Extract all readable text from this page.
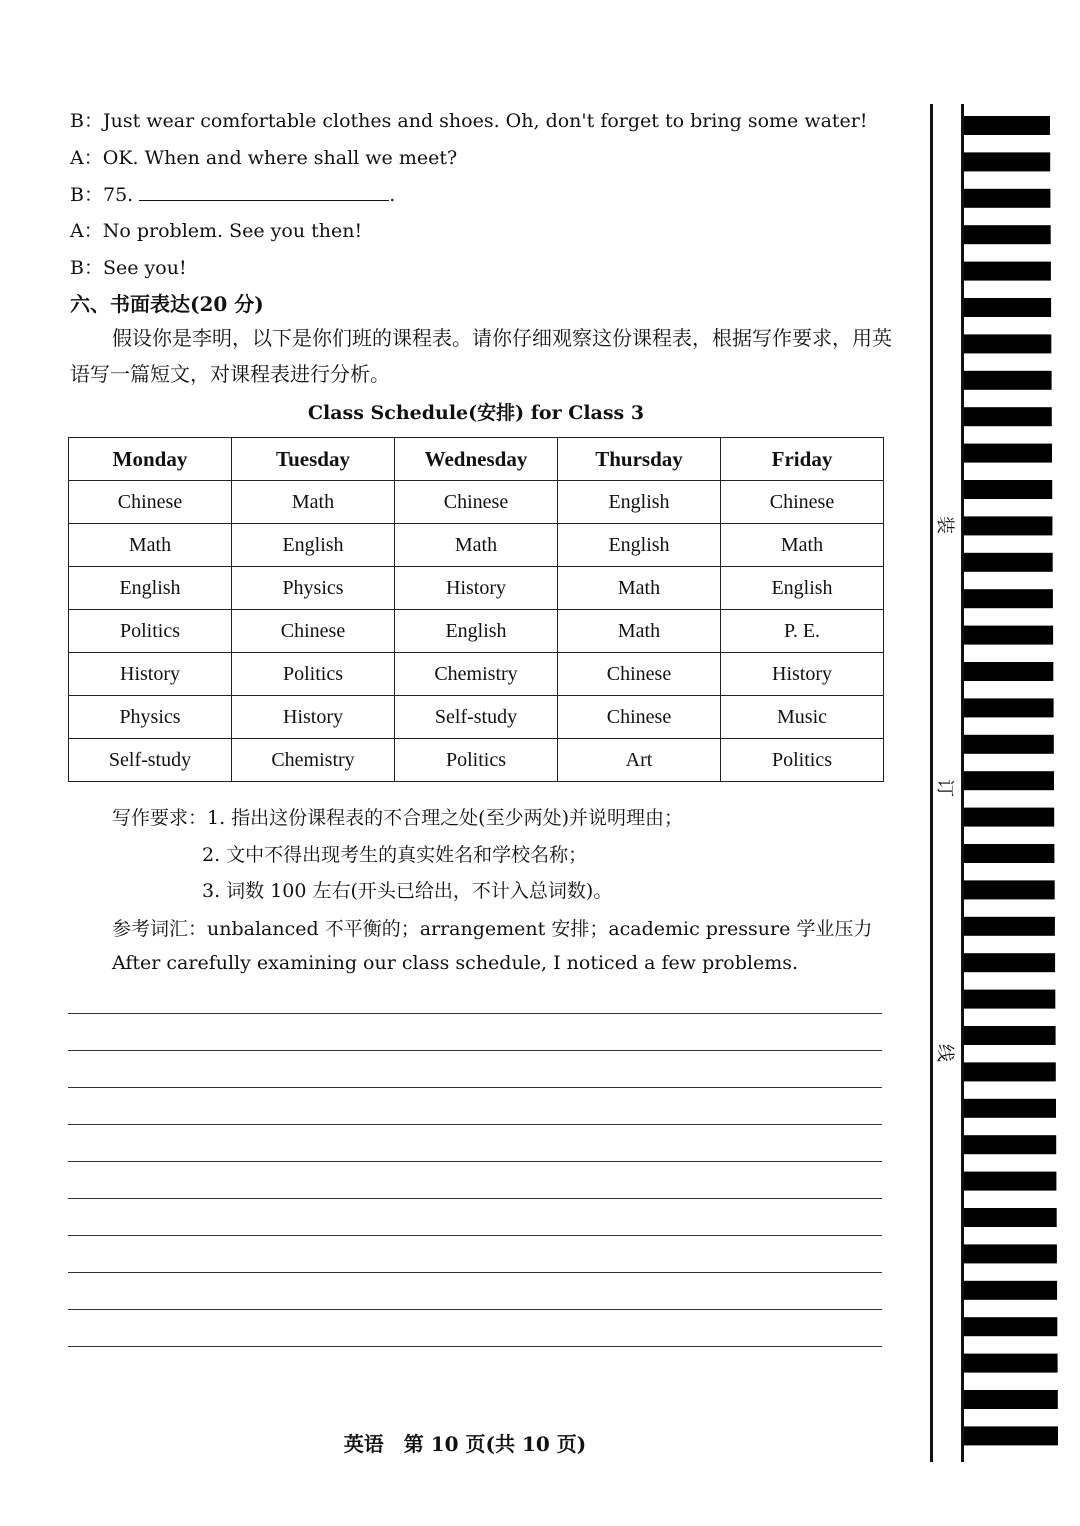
B：Just wear comfortable clothes and shoes. Oh, don't forget to bring some water!
A：OK. When and where shall we meet?
B：75.	.
A：No problem. See you then!
B：See you!
六、书面表达(20 分)
假设你是李明，以下是你们班的课程表。请你仔细观察这份课程表，根据写作要求，用英语写一篇短文，对课程表进行分析。
Class Schedule(安排) for Class 3
Monday	Tuesday	Wednesday	Thursday	Friday
Chinese	Math	Chinese	English	Chinese
Math	English	Math	English	Math
English	Physics	History	Math	English
Politics	Chinese	English	Math	P. E.
History	Politics	Chemistry	Chinese	History
Physics	History	Self-study	Chinese	Music
Self-study	Chemistry	Politics	Art	Politics
写作要求：1. 指出这份课程表的不合理之处(至少两处)并说明理由；
2. 文中不得出现考生的真实姓名和学校名称；
3. 词数 100 左右(开头已给出，不计入总词数)。
参考词汇：unbalanced 不平衡的；arrangement 安排；academic pressure 学业压力
After carefully examining our class schedule, I noticed a few problems.
英语　第 10 页(共 10 页)
装
订
线
